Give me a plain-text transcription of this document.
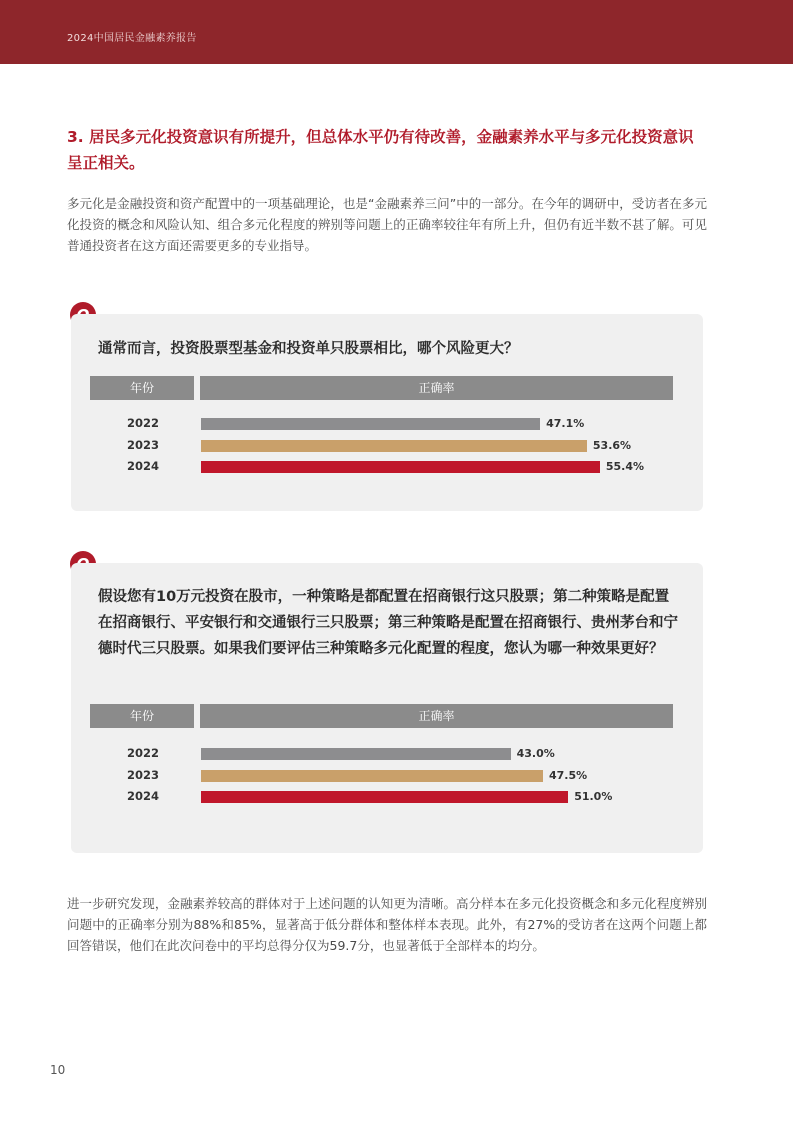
2024中国居民金融素养报告
3. 居民多元化投资意识有所提升，但总体水平仍有待改善，金融素养水平与多元化投资意识呈正相关。
多元化是金融投资和资产配置中的一项基础理论，也是“金融素养三问”中的一部分。在今年的调研中，受访者在多元化投资的概念和风险认知、组合多元化程度的辨别等问题上的正确率较往年有所上升，但仍有近半数不甚了解。可见普通投资者在这方面还需要更多的专业指导。
通常而言，投资股票型基金和投资单只股票相比，哪个风险更大？
年份	正确率
2022	47.1%
2023	53.6%
2024	55.4%
假设您有10万元投资在股市，一种策略是都配置在招商银行这只股票；第二种策略是配置在招商银行、平安银行和交通银行三只股票；第三种策略是配置在招商银行、贵州茅台和宁德时代三只股票。如果我们要评估三种策略多元化配置的程度，您认为哪一种效果更好？
年份	正确率
2022	43.0%
2023	47.5%
2024	51.0%
进一步研究发现，金融素养较高的群体对于上述问题的认知更为清晰。高分样本在多元化投资概念和多元化程度辨别问题中的正确率分别为88%和85%，显著高于低分群体和整体样本表现。此外，有27%的受访者在这两个问题上都回答错误，他们在此次问卷中的平均总得分仅为59.7分，也显著低于全部样本的均分。
10
